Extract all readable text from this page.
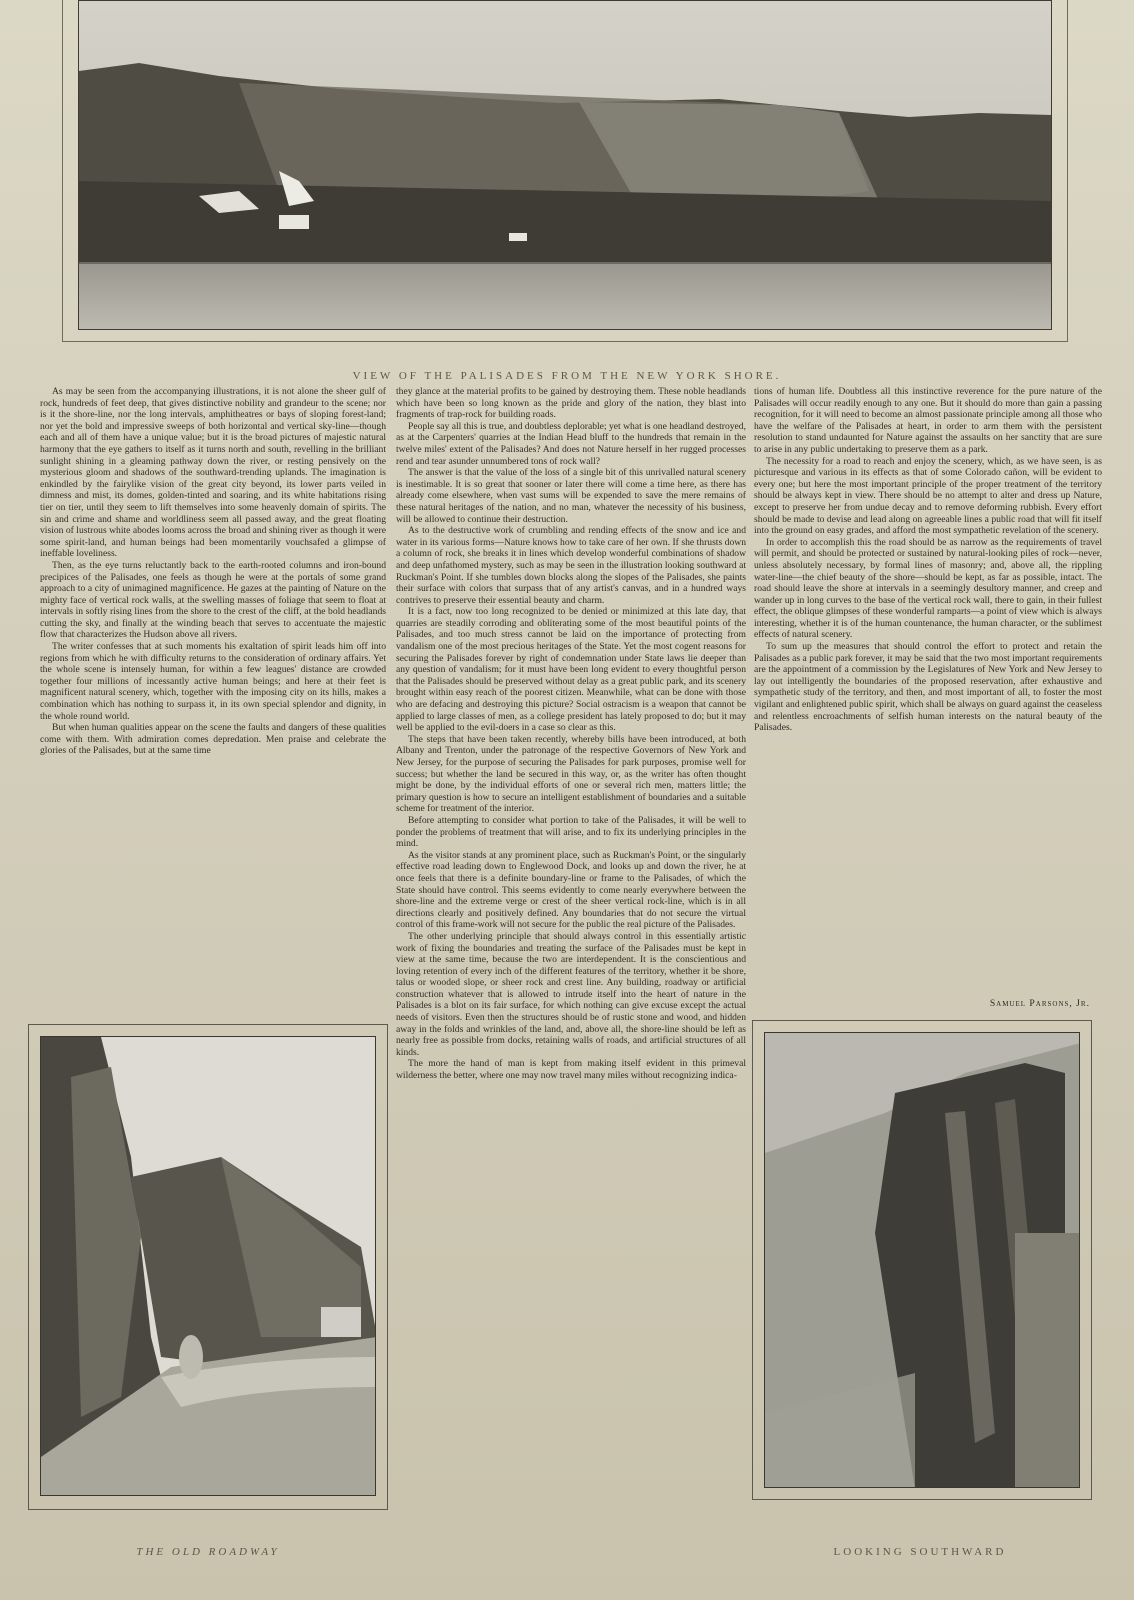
VIEW OF THE PALISADES FROM THE NEW YORK SHORE.

As may be seen from the accompanying illustrations, it is not alone the sheer gulf of rock, hundreds of feet deep, that gives distinctive nobility and grandeur to the scene; nor is it the shore-line, nor the long intervals, amphitheatres or bays of sloping forest-land; nor yet the bold and impressive sweeps of both horizontal and vertical sky-line—though each and all of them have a unique value; but it is the broad pictures of majestic natural harmony that the eye gathers to itself as it turns north and south, revelling in the brilliant sunlight shining in a gleaming pathway down the river, or resting pensively on the mysterious gloom and shadows of the southward-trending uplands. The imagination is enkindled by the fairylike vision of the great city beyond, its lower parts veiled in dimness and mist, its domes, golden-tinted and soaring, and its white habitations rising tier on tier, until they seem to lift themselves into some heavenly domain of spirits. The sin and crime and shame and worldliness seem all passed away, and the great floating vision of lustrous white abodes looms across the broad and shining river as though it were some spirit-land, and human beings had been momentarily vouchsafed a glimpse of ineffable loveliness.

Then, as the eye turns reluctantly back to the earth-rooted columns and iron-bound precipices of the Palisades, one feels as though he were at the portals of some grand approach to a city of unimagined magnificence. He gazes at the painting of Nature on the mighty face of vertical rock walls, at the swelling masses of foliage that seem to float at intervals in softly rising lines from the shore to the crest of the cliff, at the bold headlands cutting the sky, and finally at the winding beach that serves to accentuate the majestic flow that characterizes the Hudson above all rivers.

The writer confesses that at such moments his exaltation of spirit leads him off into regions from which he with difficulty returns to the consideration of ordinary affairs. Yet the whole scene is intensely human, for within a few leagues' distance are crowded together four millions of incessantly active human beings; and here at their feet is magnificent natural scenery, which, together with the imposing city on its hills, makes a combination which has nothing to surpass it, in its own special splendor and dignity, in the whole round world.

But when human qualities appear on the scene the faults and dangers of these qualities come with them. With admiration comes depredation. Men praise and celebrate the glories of the Palisades, but at the same time

they glance at the material profits to be gained by destroying them. These noble headlands which have been so long known as the pride and glory of the nation, they blast into fragments of trap-rock for building roads.

People say all this is true, and doubtless deplorable; yet what is one headland destroyed, as at the Carpenters' quarries at the Indian Head bluff to the hundreds that remain in the twelve miles' extent of the Palisades? And does not Nature herself in her rugged processes rend and tear asunder unnumbered tons of rock wall?

The answer is that the value of the loss of a single bit of this unrivalled natural scenery is inestimable. It is so great that sooner or later there will come a time here, as there has already come elsewhere, when vast sums will be expended to save the mere remains of these natural heritages of the nation, and no man, whatever the necessity of his business, will be allowed to continue their destruction.

As to the destructive work of crumbling and rending effects of the snow and ice and water in its various forms—Nature knows how to take care of her own. If she thrusts down a column of rock, she breaks it in lines which develop wonderful combinations of shadow and deep unfathomed mystery, such as may be seen in the illustration looking southward at Ruckman's Point. If she tumbles down blocks along the slopes of the Palisades, she paints their surface with colors that surpass that of any artist's canvas, and in a hundred ways contrives to preserve their essential beauty and charm.

It is a fact, now too long recognized to be denied or minimized at this late day, that quarries are steadily corroding and obliterating some of the most beautiful points of the Palisades, and too much stress cannot be laid on the importance of protecting from vandalism one of the most precious heritages of the State. Yet the most cogent reasons for securing the Palisades forever by right of condemnation under State laws lie deeper than any question of vandalism; for it must have been long evident to every thoughtful person that the Palisades should be preserved without delay as a great public park, and its scenery brought within easy reach of the poorest citizen. Meanwhile, what can be done with those who are defacing and destroying this picture? Social ostracism is a weapon that cannot be applied to large classes of men, as a college president has lately proposed to do; but it may well be applied to the evil-doers in a case so clear as this.

The steps that have been taken recently, whereby bills have been introduced, at both Albany and Trenton, under the patronage of the respective Governors of New York and New Jersey, for the purpose of securing the Palisades for park purposes, promise well for success; but whether the land be secured in this way, or, as the writer has often thought might be done, by the individual efforts of one or several rich men, matters little; the primary question is how to secure an intelligent establishment of boundaries and a suitable scheme for treatment of the interior.

Before attempting to consider what portion to take of the Palisades, it will be well to ponder the problems of treatment that will arise, and to fix its underlying principles in the mind.

As the visitor stands at any prominent place, such as Ruckman's Point, or the singularly effective road leading down to Englewood Dock, and looks up and down the river, he at once feels that there is a definite boundary-line or frame to the Palisades, of which the State should have control. This seems evidently to come nearly everywhere between the shore-line and the extreme verge or crest of the sheer vertical rock-line, which is in all directions clearly and positively defined. Any boundaries that do not secure the virtual control of this frame-work will not secure for the public the real picture of the Palisades.

The other underlying principle that should always control in this essentially artistic work of fixing the boundaries and treating the surface of the Palisades must be kept in view at the same time, because the two are interdependent. It is the conscientious and loving retention of every inch of the different features of the territory, whether it be shore, talus or wooded slope, or sheer rock and crest line. Any building, roadway or artificial construction whatever that is allowed to intrude itself into the heart of nature in the Palisades is a blot on its fair surface, for which nothing can give excuse except the actual needs of visitors. Even then the structures should be of rustic stone and wood, and hidden away in the folds and wrinkles of the land, and, above all, the shore-line should be left as nearly free as possible from docks, retaining walls of roads, and artificial structures of all kinds.

The more the hand of man is kept from making itself evident in this primeval wilderness the better, where one may now travel many miles without recognizing indica-

tions of human life. Doubtless all this instinctive reverence for the pure nature of the Palisades will occur readily enough to any one. But it should do more than gain a passing recognition, for it will need to become an almost passionate principle among all those who have the welfare of the Palisades at heart, in order to arm them with the persistent resolution to stand undaunted for Nature against the assaults on her sanctity that are sure to arise in any public undertaking to preserve them as a park.

The necessity for a road to reach and enjoy the scenery, which, as we have seen, is as picturesque and various in its effects as that of some Colorado cañon, will be evident to every one; but here the most important principle of the proper treatment of the territory should be always kept in view. There should be no attempt to alter and dress up Nature, except to preserve her from undue decay and to remove deforming rubbish. Every effort should be made to devise and lead along on agreeable lines a public road that will fit itself into the ground on easy grades, and afford the most sympathetic revelation of the scenery.

In order to accomplish this the road should be as narrow as the requirements of travel will permit, and should be protected or sustained by natural-looking piles of rock—never, unless absolutely necessary, by formal lines of masonry; and, above all, the rippling water-line—the chief beauty of the shore—should be kept, as far as possible, intact. The road should leave the shore at intervals in a seemingly desultory manner, and creep and wander up in long curves to the base of the vertical rock wall, there to gain, in their fullest effect, the oblique glimpses of these wonderful ramparts—a point of view which is always interesting, whether it is of the human countenance, the human character, or the sublimest effects of natural scenery.

To sum up the measures that should control the effort to protect and retain the Palisades as a public park forever, it may be said that the two most important requirements are the appointment of a commission by the Legislatures of New York and New Jersey to lay out intelligently the boundaries of the proposed reservation, after exhaustive and sympathetic study of the territory, and then, and most important of all, to foster the most vigilant and enlightened public spirit, which shall be always on guard against the ceaseless and relentless encroachments of selfish human interests on the natural beauty of the Palisades.

Samuel Parsons, Jr.
THE OLD ROADWAY	LOOKING SOUTHWARD
